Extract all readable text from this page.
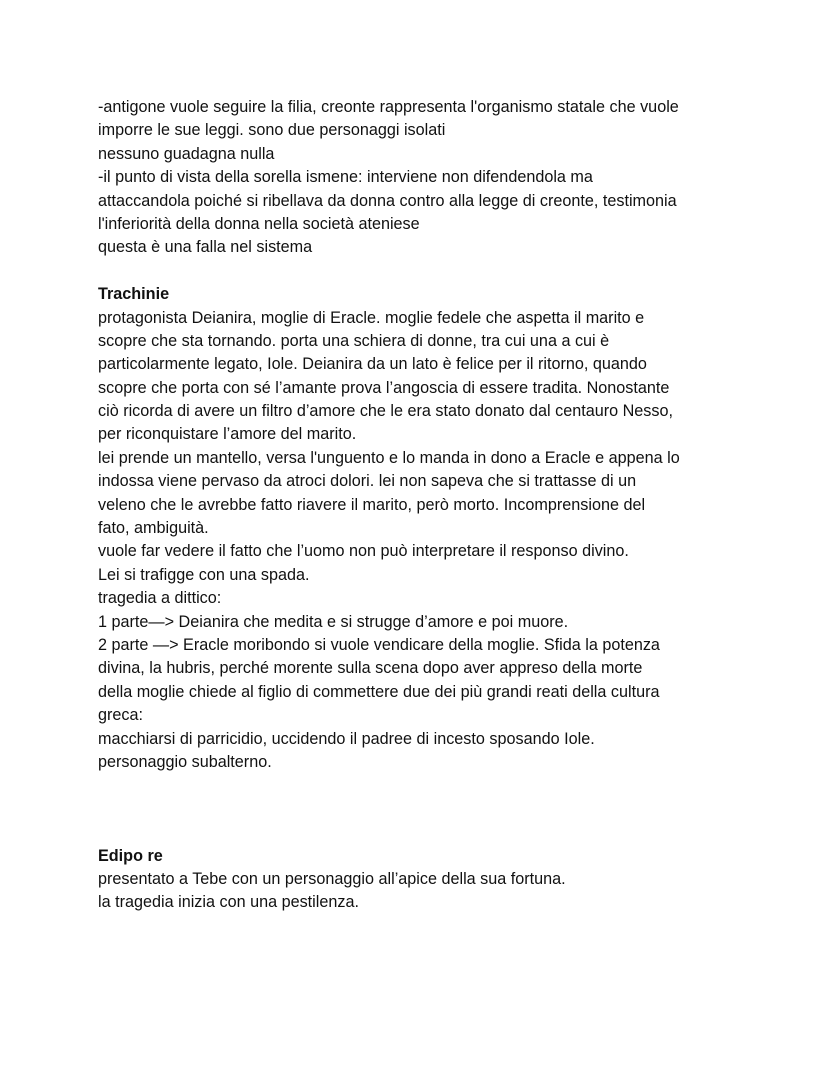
-antigone vuole seguire la filia, creonte rappresenta l'organismo statale che vuole
imporre le sue leggi. sono due personaggi isolati
nessuno guadagna nulla
-il punto di vista della sorella ismene: interviene non difendendola ma
attaccandola poiché si ribellava da donna contro alla legge di creonte, testimonia
l'inferiorità della donna nella società ateniese
questa è una falla nel sistema
Trachinie
protagonista Deianira, moglie di Eracle. moglie fedele che aspetta il marito e
scopre che sta tornando. porta una schiera di donne, tra cui una a cui è
particolarmente legato, Iole. Deianira da un lato è felice per il ritorno, quando
scopre che porta con sé l’amante prova l’angoscia di essere tradita. Nonostante
ciò ricorda di avere un filtro d’amore che le era stato donato dal centauro Nesso,
per riconquistare l’amore del marito.
lei prende un mantello, versa l'unguento e lo manda in dono a Eracle e appena lo
indossa viene pervaso da atroci dolori. lei non sapeva che si trattasse di un
veleno che le avrebbe fatto riavere il marito, però morto. Incomprensione del
fato, ambiguità.
vuole far vedere il fatto che l’uomo non può interpretare il responso divino.
Lei si trafigge con una spada.
tragedia a dittico:
1 parte—> Deianira che medita e si strugge d’amore e poi muore.
2 parte —> Eracle moribondo si vuole vendicare della moglie. Sfida la potenza
divina, la hubris, perché morente sulla scena dopo aver appreso della morte
della moglie chiede al figlio di commettere due dei più grandi reati della cultura
greca:
macchiarsi di parricidio, uccidendo il padree di incesto sposando Iole.
personaggio subalterno.
Edipo re
presentato a Tebe con un personaggio all’apice della sua fortuna.
la tragedia inizia con una pestilenza.
